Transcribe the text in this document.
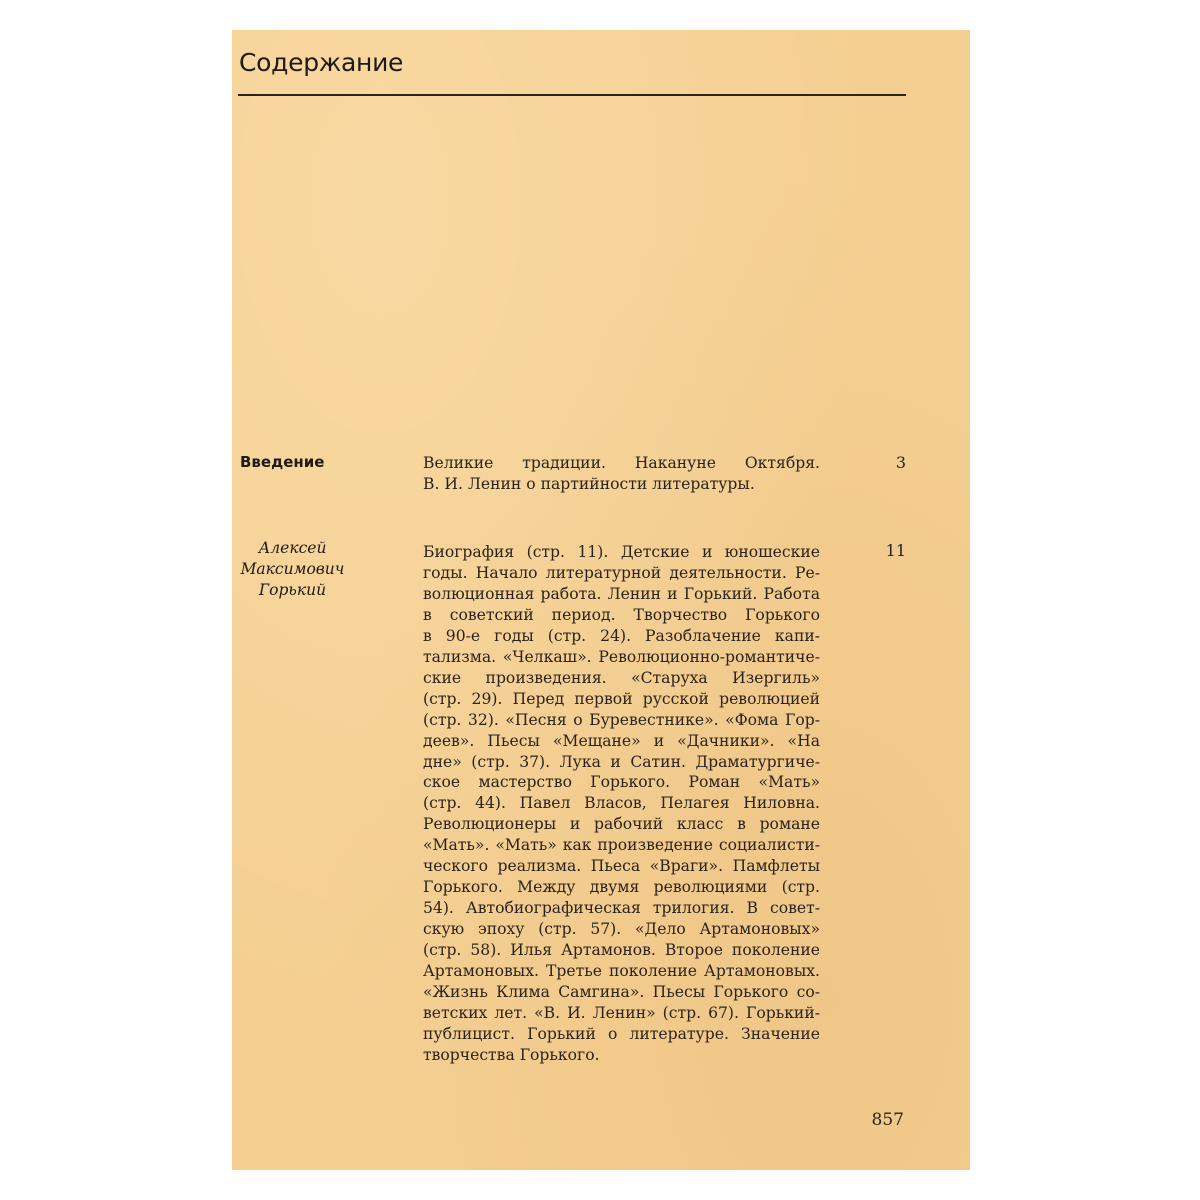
Содержание
Введение	Великие традиции. Накануне Октября.
В. И. Ленин о партийности литературы.
3
Алексей
Максимович
Горький
Биография (стр. 11). Детские и юношеские
годы. Начало литературной деятельности. Ре-
волюционная работа. Ленин и Горький. Работа
в советский период. Творчество Горького
в 90-е годы (стр. 24). Разоблачение капи-
тализма. «Челкаш». Революционно-романтиче-
ские произведения. «Старуха Изергиль»
(стр. 29). Перед первой русской революцией
(стр. 32). «Песня о Буревестнике». «Фома Гор-
деев». Пьесы «Мещане» и «Дачники». «На
дне» (стр. 37). Лука и Сатин. Драматургиче-
ское мастерство Горького. Роман «Мать»
(стр. 44). Павел Власов, Пелагея Ниловна.
Революционеры и рабочий класс в романе
«Мать». «Мать» как произведение социалисти-
ческого реализма. Пьеса «Враги». Памфлеты
Горького. Между двумя революциями (стр.
54). Автобиографическая трилогия. В совет-
скую эпоху (стр. 57). «Дело Артамоновых»
(стр. 58). Илья Артамонов. Второе поколение
Артамоновых. Третье поколение Артамоновых.
«Жизнь Клима Самгина». Пьесы Горького со-
ветских лет. «В. И. Ленин» (стр. 67). Горький-
публицист. Горький о литературе. Значение
творчества Горького.
11
857
